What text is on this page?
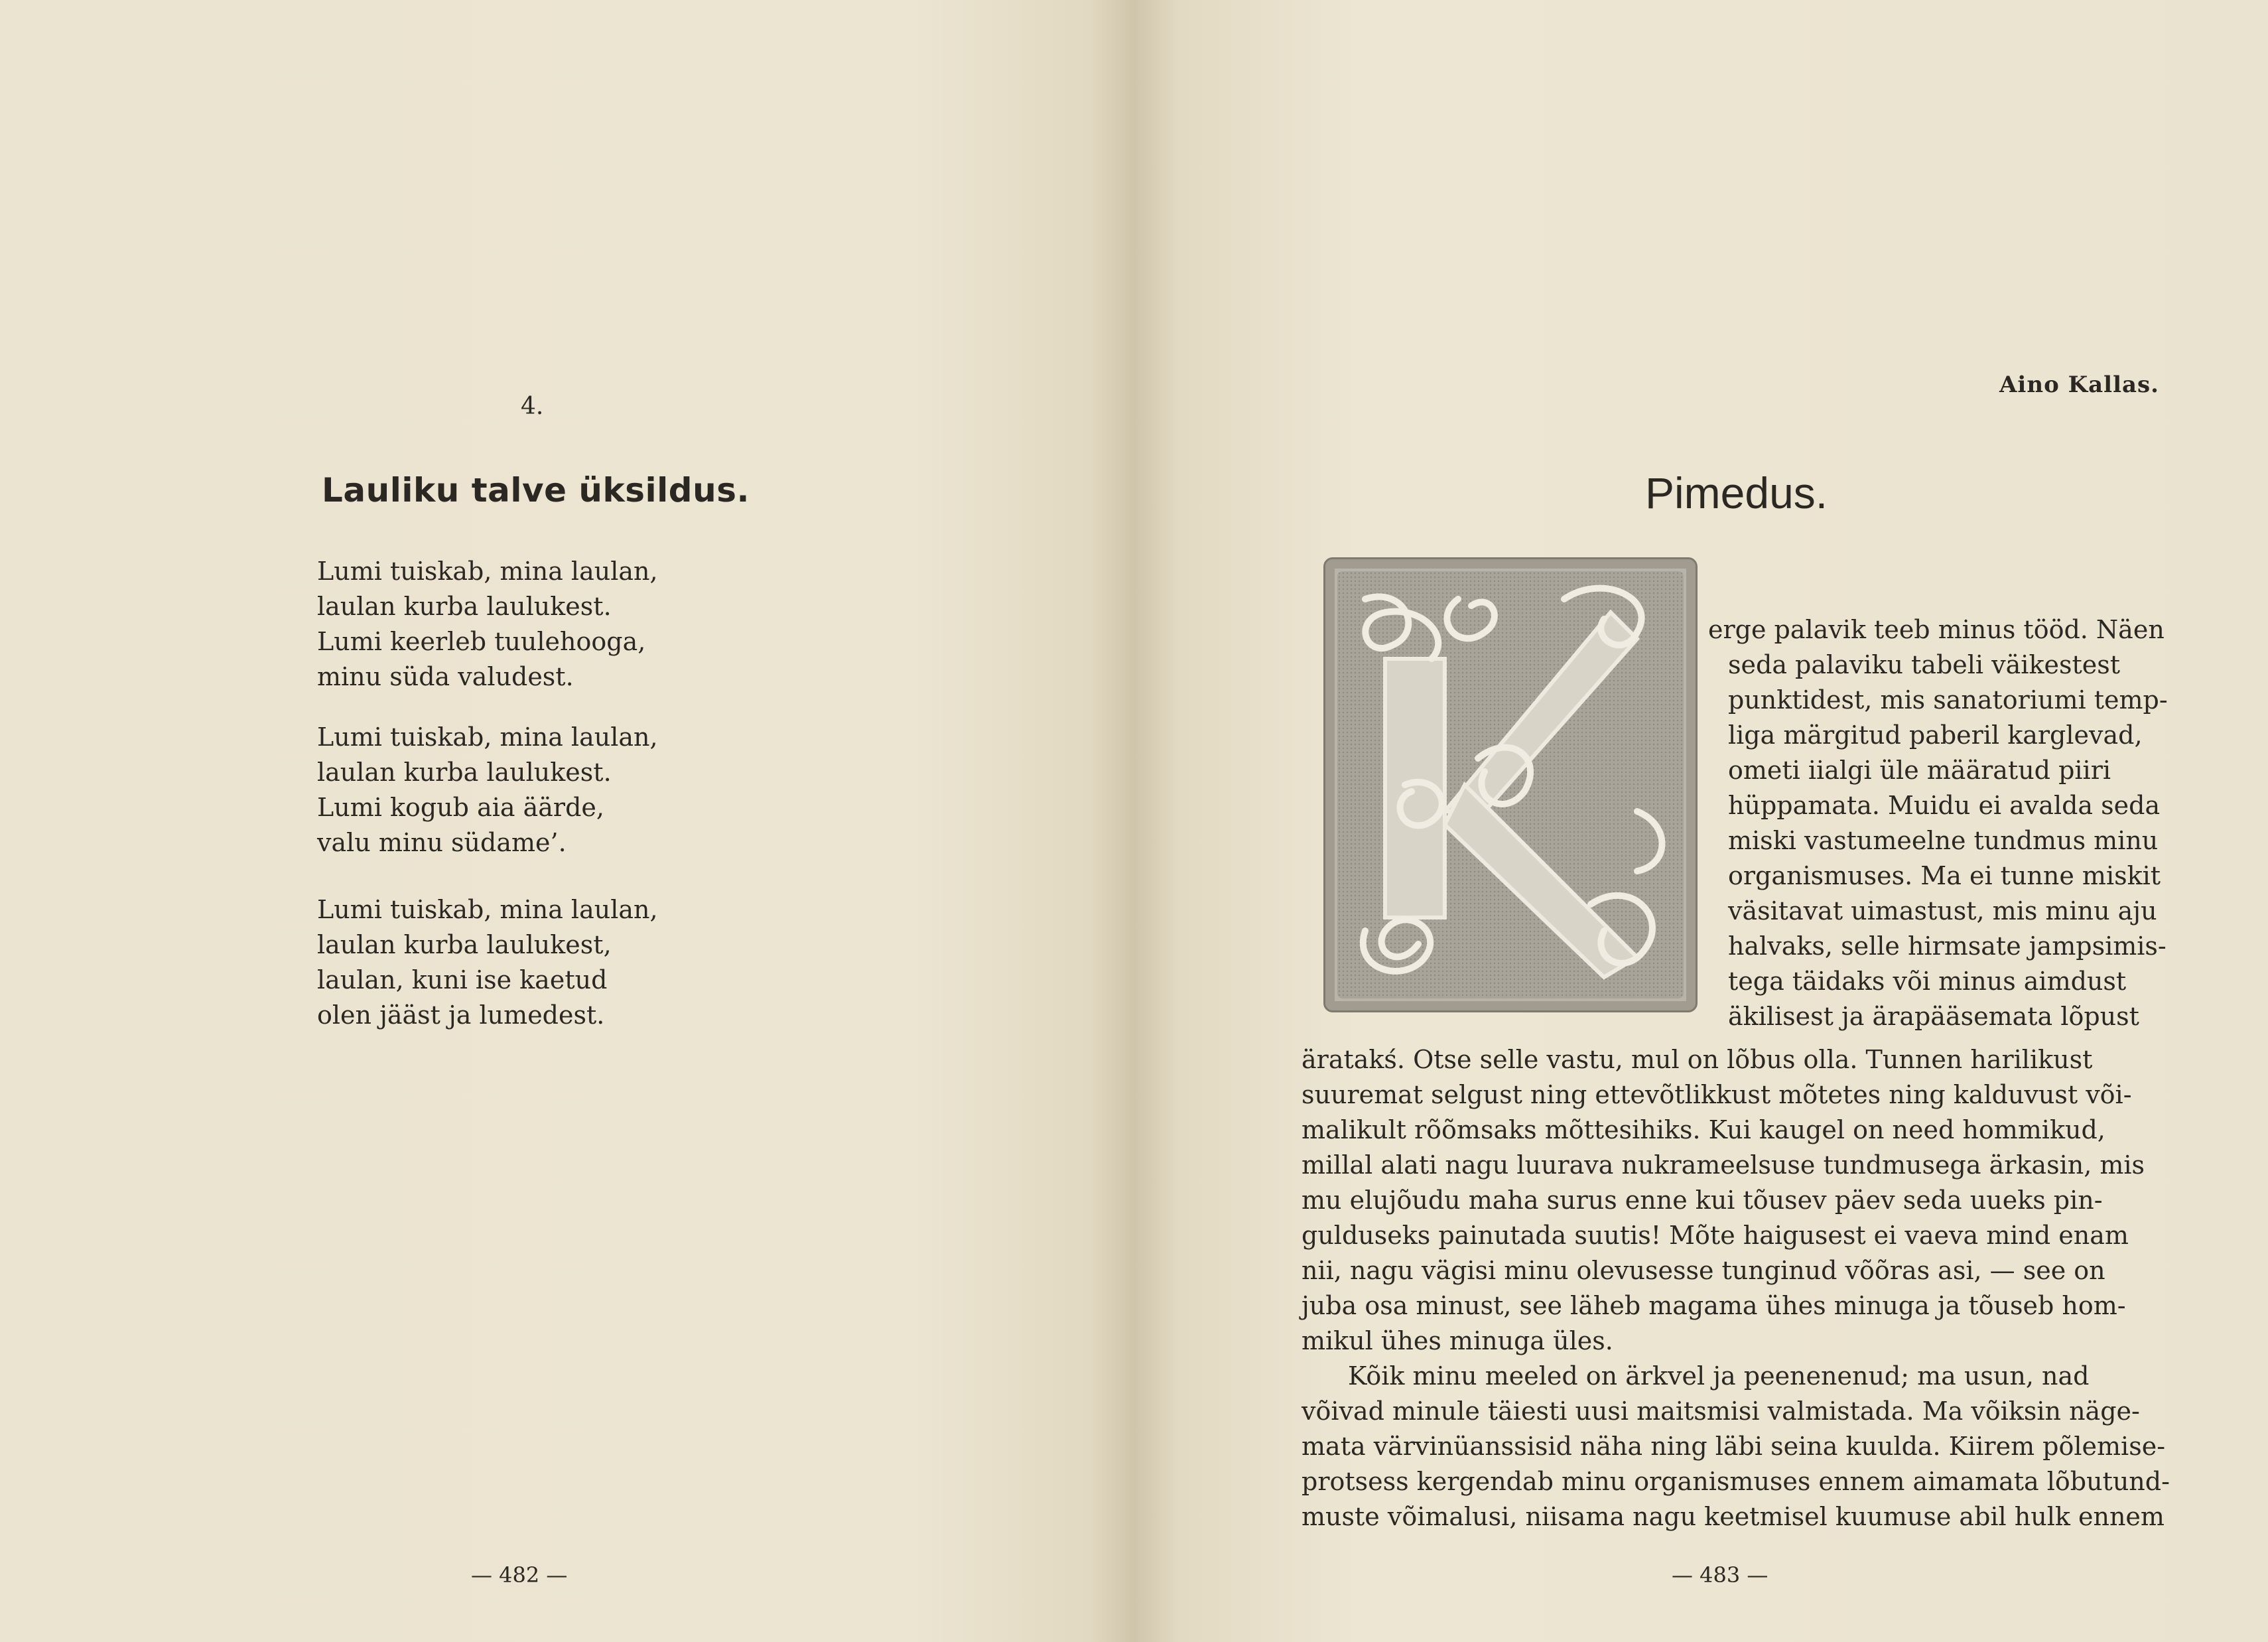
4.
Lauliku talve üksildus.
Lumi tuiskab, mina laulan,
laulan kurba laulukest.
Lumi keerleb tuulehooga,
minu süda valudest.
Lumi tuiskab, mina laulan,
laulan kurba laulukest.
Lumi kogub aia äärde,
valu minu südame’.
Lumi tuiskab, mina laulan,
laulan kurba laulukest,
laulan, kuni ise kaetud
olen jääst ja lumedest.
— 482 —
Aino Kallas.
Pimedus.
erge palavik teeb minus tööd. Näen
seda palaviku tabeli väikestest
punktidest, mis sanatoriumi temp-
liga märgitud paberil karglevad,
ometi iialgi üle määratud piiri
hüppamata. Muidu ei avalda seda
miski vastumeelne tundmus minu
organismuses. Ma ei tunne miskit
väsitavat uimastust, mis minu aju
halvaks, selle hirmsate jampsimis-
tega täidaks või minus aimdust
äkilisest ja ärapääsemata lõpust
äratakś. Otse selle vastu, mul on lõbus olla. Tunnen harilikust
suuremat selgust ning ettevõtlikkust mõtetes ning kalduvust või-
malikult rõõmsaks mõttesihiks. Kui kaugel on need hommikud,
millal alati nagu luurava nukrameelsuse tundmusega ärkasin, mis
mu elujõudu maha surus enne kui tõusev päev seda uueks pin-
gulduseks painutada suutis! Mõte haigusest ei vaeva mind enam
nii, nagu vägisi minu olevusesse tunginud võõras asi, — see on
juba osa minust, see läheb magama ühes minuga ja tõuseb hom-
mikul ühes minuga üles.
Kõik minu meeled on ärkvel ja peenenenud; ma usun, nad
võivad minule täiesti uusi maitsmisi valmistada. Ma võiksin näge-
mata värvinüanssisid näha ning läbi seina kuulda. Kiirem põlemise-
protsess kergendab minu organismuses ennem aimamata lõbutund-
muste võimalusi, niisama nagu keetmisel kuumuse abil hulk ennem
— 483 —
